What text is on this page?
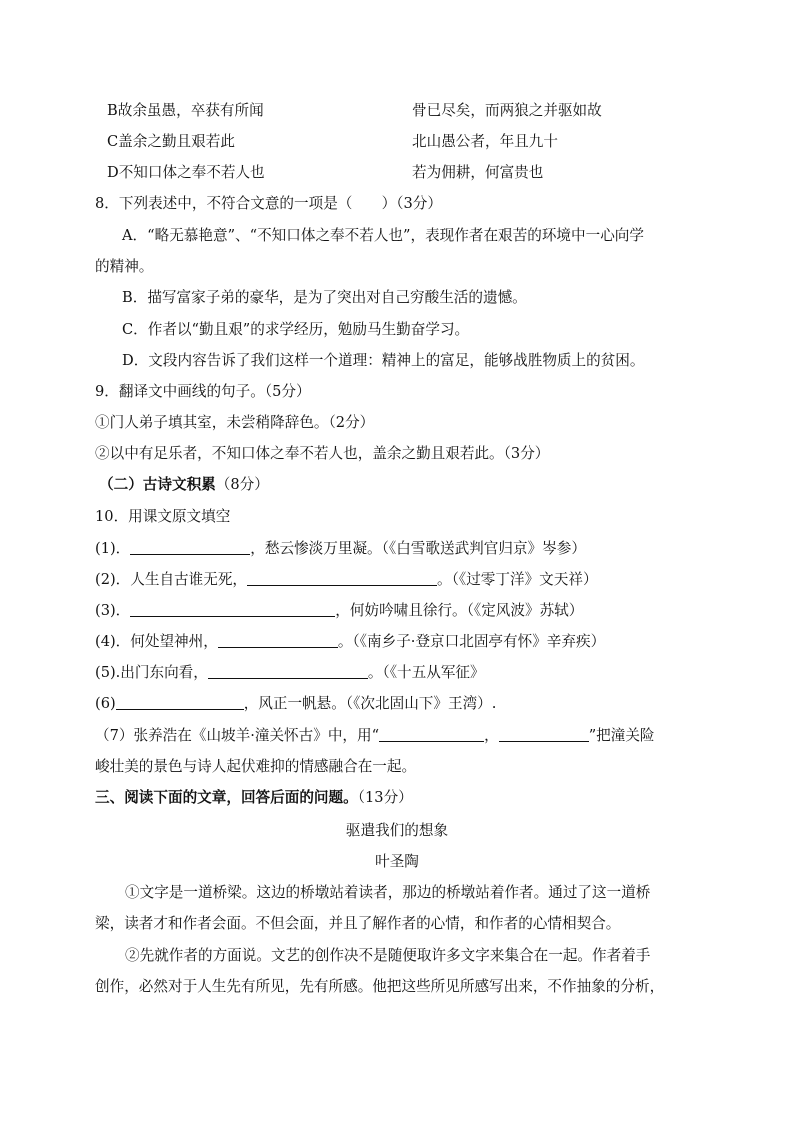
B故余虽愚，卒获有所闻	骨已尽矣，而两狼之并驱如故
C盖余之勤且艰若此	北山愚公者，年且九十
D不知口体之奉不若人也	若为佣耕，何富贵也
8．下列表述中，不符合文意的一项是（　　）（3分）
A．“略无慕艳意”、“不知口体之奉不若人也”，表现作者在艰苦的环境中一心向学
的精神。
B．描写富家子弟的豪华，是为了突出对自己穷酸生活的遗憾。
C．作者以“勤且艰”的求学经历，勉励马生勤奋学习。
D．文段内容告诉了我们这样一个道理：精神上的富足，能够战胜物质上的贫困。
9．翻译文中画线的句子。（5分）
①门人弟子填其室，未尝稍降辞色。（2分）
②以中有足乐者，不知口体之奉不若人也，盖余之勤且艰若此。（3分）
（二）古诗文积累（8分）
10．用课文原文填空
(1)．	，愁云惨淡万里凝。（《白雪歌送武判官归京》岑参）
(2)．人生自古谁无死，	。（《过零丁洋》文天祥）
(3)．	，何妨吟啸且徐行。（《定风波》苏轼）
(4)．何处望神州，	。（《南乡子·登京口北固亭有怀》辛弃疾）
(5).出门东向看，	。（《十五从军征》
(6)	，风正一帆悬。（《次北固山下》王湾）.
（7）张养浩在《山坡羊·潼关怀古》中，用“	，	”把潼关险
峻壮美的景色与诗人起伏难抑的情感融合在一起。
三、阅读下面的文章，回答后面的问题。（13分）
驱遣我们的想象
叶圣陶
①文字是一道桥梁。这边的桥墩站着读者，那边的桥墩站着作者。通过了这一道桥
梁，读者才和作者会面。不但会面，并且了解作者的心情，和作者的心情相契合。
②先就作者的方面说。文艺的创作决不是随便取许多文字来集合在一起。作者着手
创作，必然对于人生先有所见，先有所感。他把这些所见所感写出来，不作抽象的分析，
